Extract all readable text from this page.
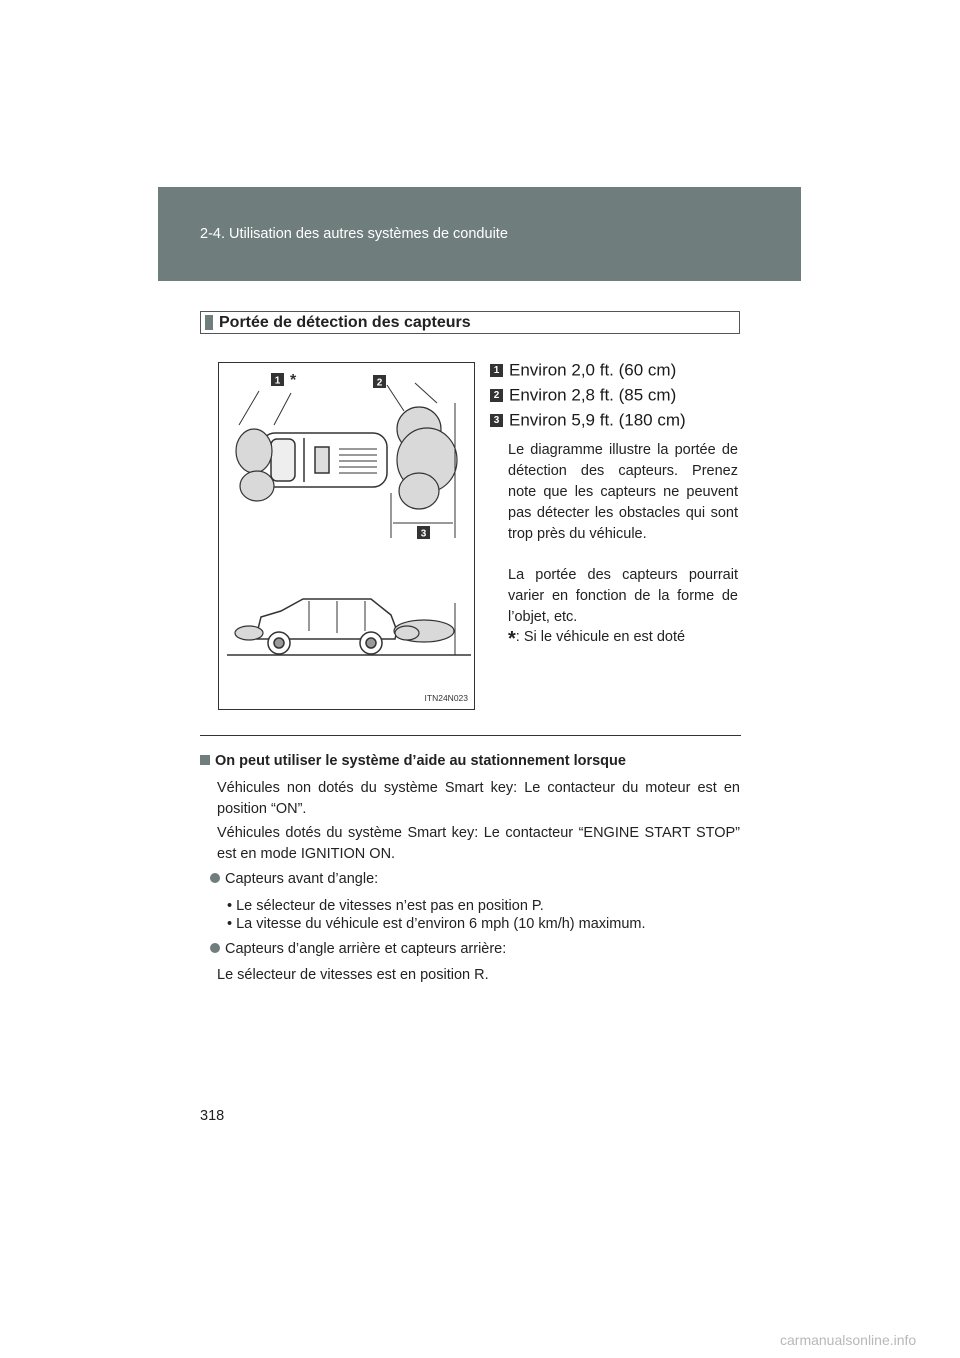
2-4. Utilisation des autres systèmes de conduite
Portée de détection des capteurs
1 *	2
3
ITN24N023
1 Environ 2,0 ft. (60 cm)
2 Environ 2,8 ft. (85 cm)
3 Environ 5,9 ft. (180 cm)
Le diagramme illustre la portée de détection des capteurs. Prenez note que les capteurs ne peuvent pas détecter les obstacles qui sont trop près du véhicule.
La portée des capteurs pourrait varier en fonction de la forme de l’objet, etc.
*: Si le véhicule en est doté
On peut utiliser le système d’aide au stationnement lorsque
Véhicules non dotés du système Smart key: Le contacteur du moteur est en position “ON”.
Véhicules dotés du système Smart key: Le contacteur “ENGINE START STOP” est en mode IGNITION ON.
Capteurs avant d’angle:
• Le sélecteur de vitesses n’est pas en position P.
• La vitesse du véhicule est d’environ 6 mph (10 km/h) maximum.
Capteurs d’angle arrière et capteurs arrière:
Le sélecteur de vitesses est en position R.
318
carmanualsonline.info
